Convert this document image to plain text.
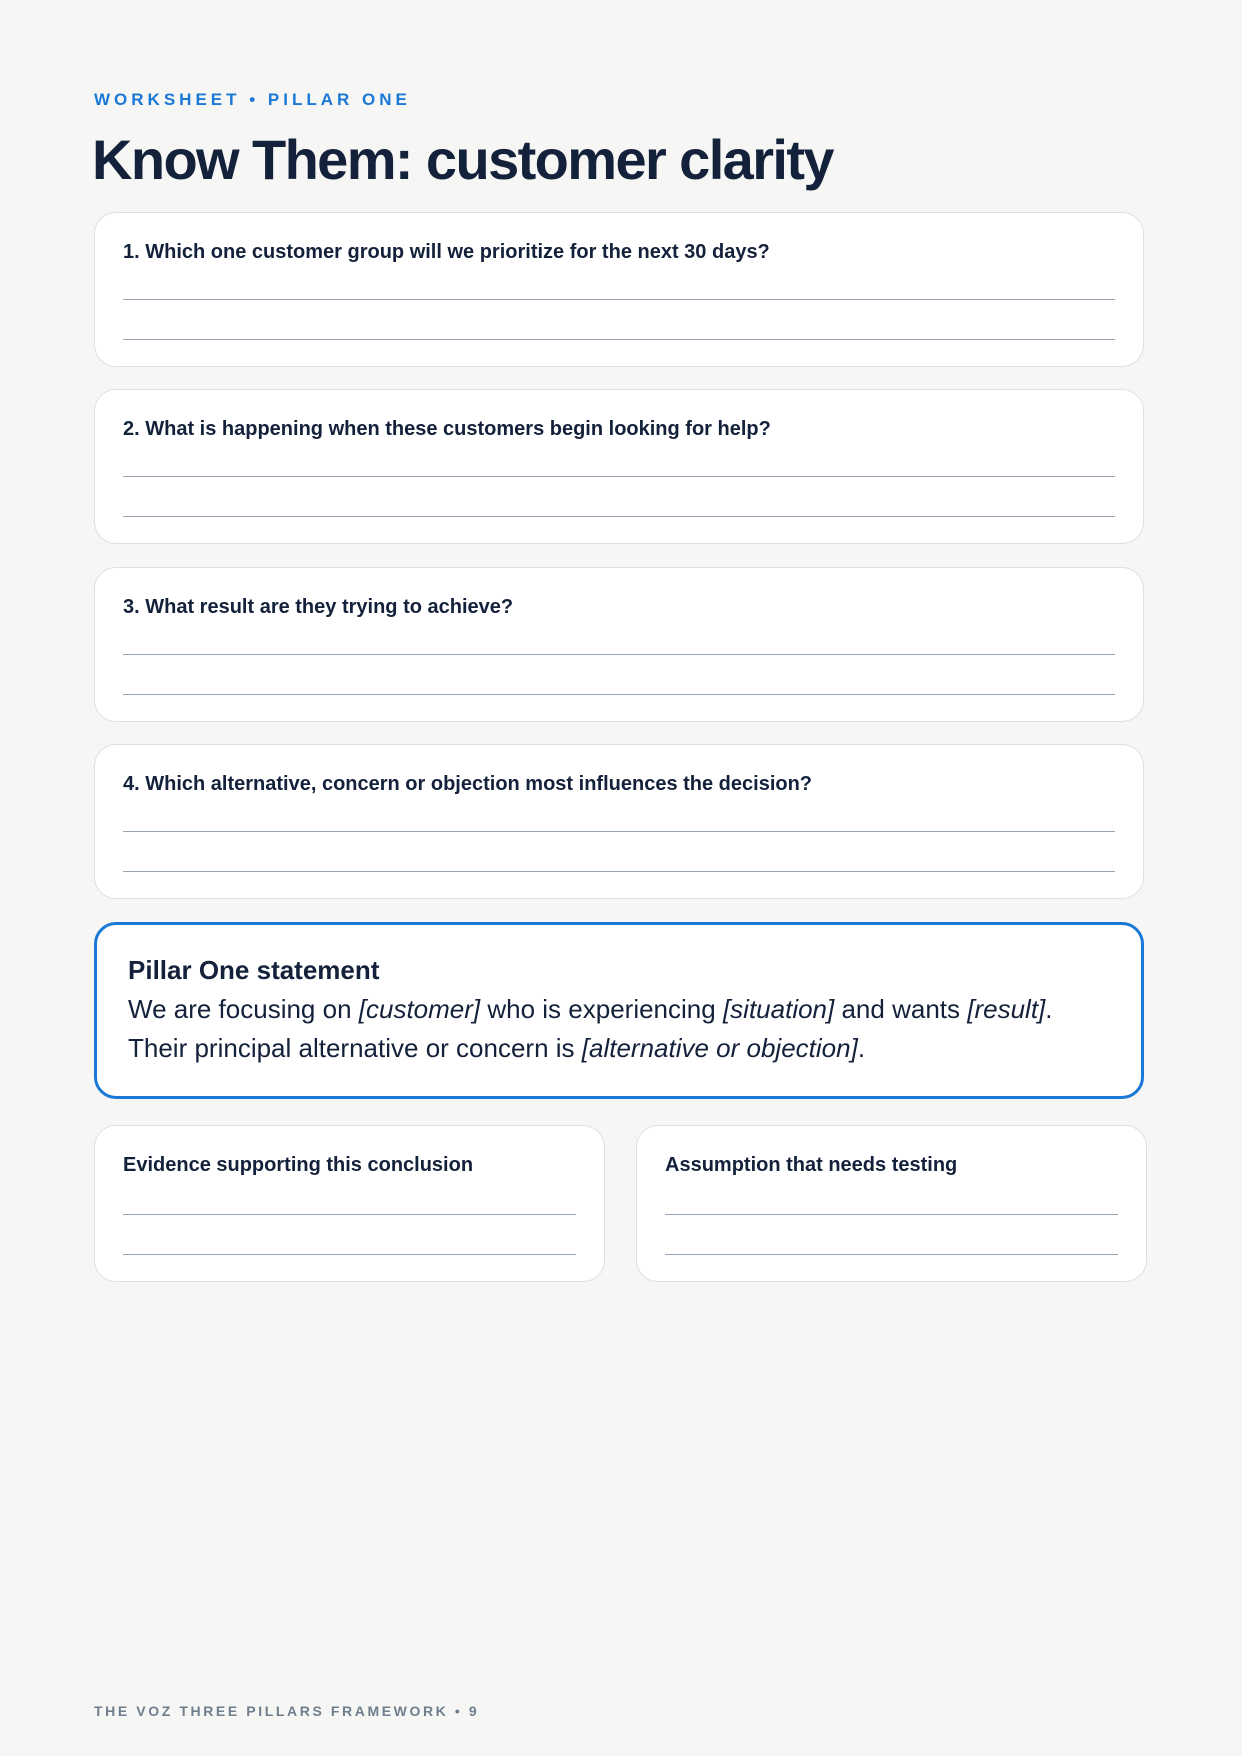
WORKSHEET • PILLAR ONE
Know Them: customer clarity
1. Which one customer group will we prioritize for the next 30 days?
2. What is happening when these customers begin looking for help?
3. What result are they trying to achieve?
4. Which alternative, concern or objection most influences the decision?
Pillar One statement
We are focusing on [customer] who is experiencing [situation] and wants [result]. Their principal alternative or concern is [alternative or objection].
Evidence supporting this conclusion	Assumption that needs testing
THE VOZ THREE PILLARS FRAMEWORK • 9
